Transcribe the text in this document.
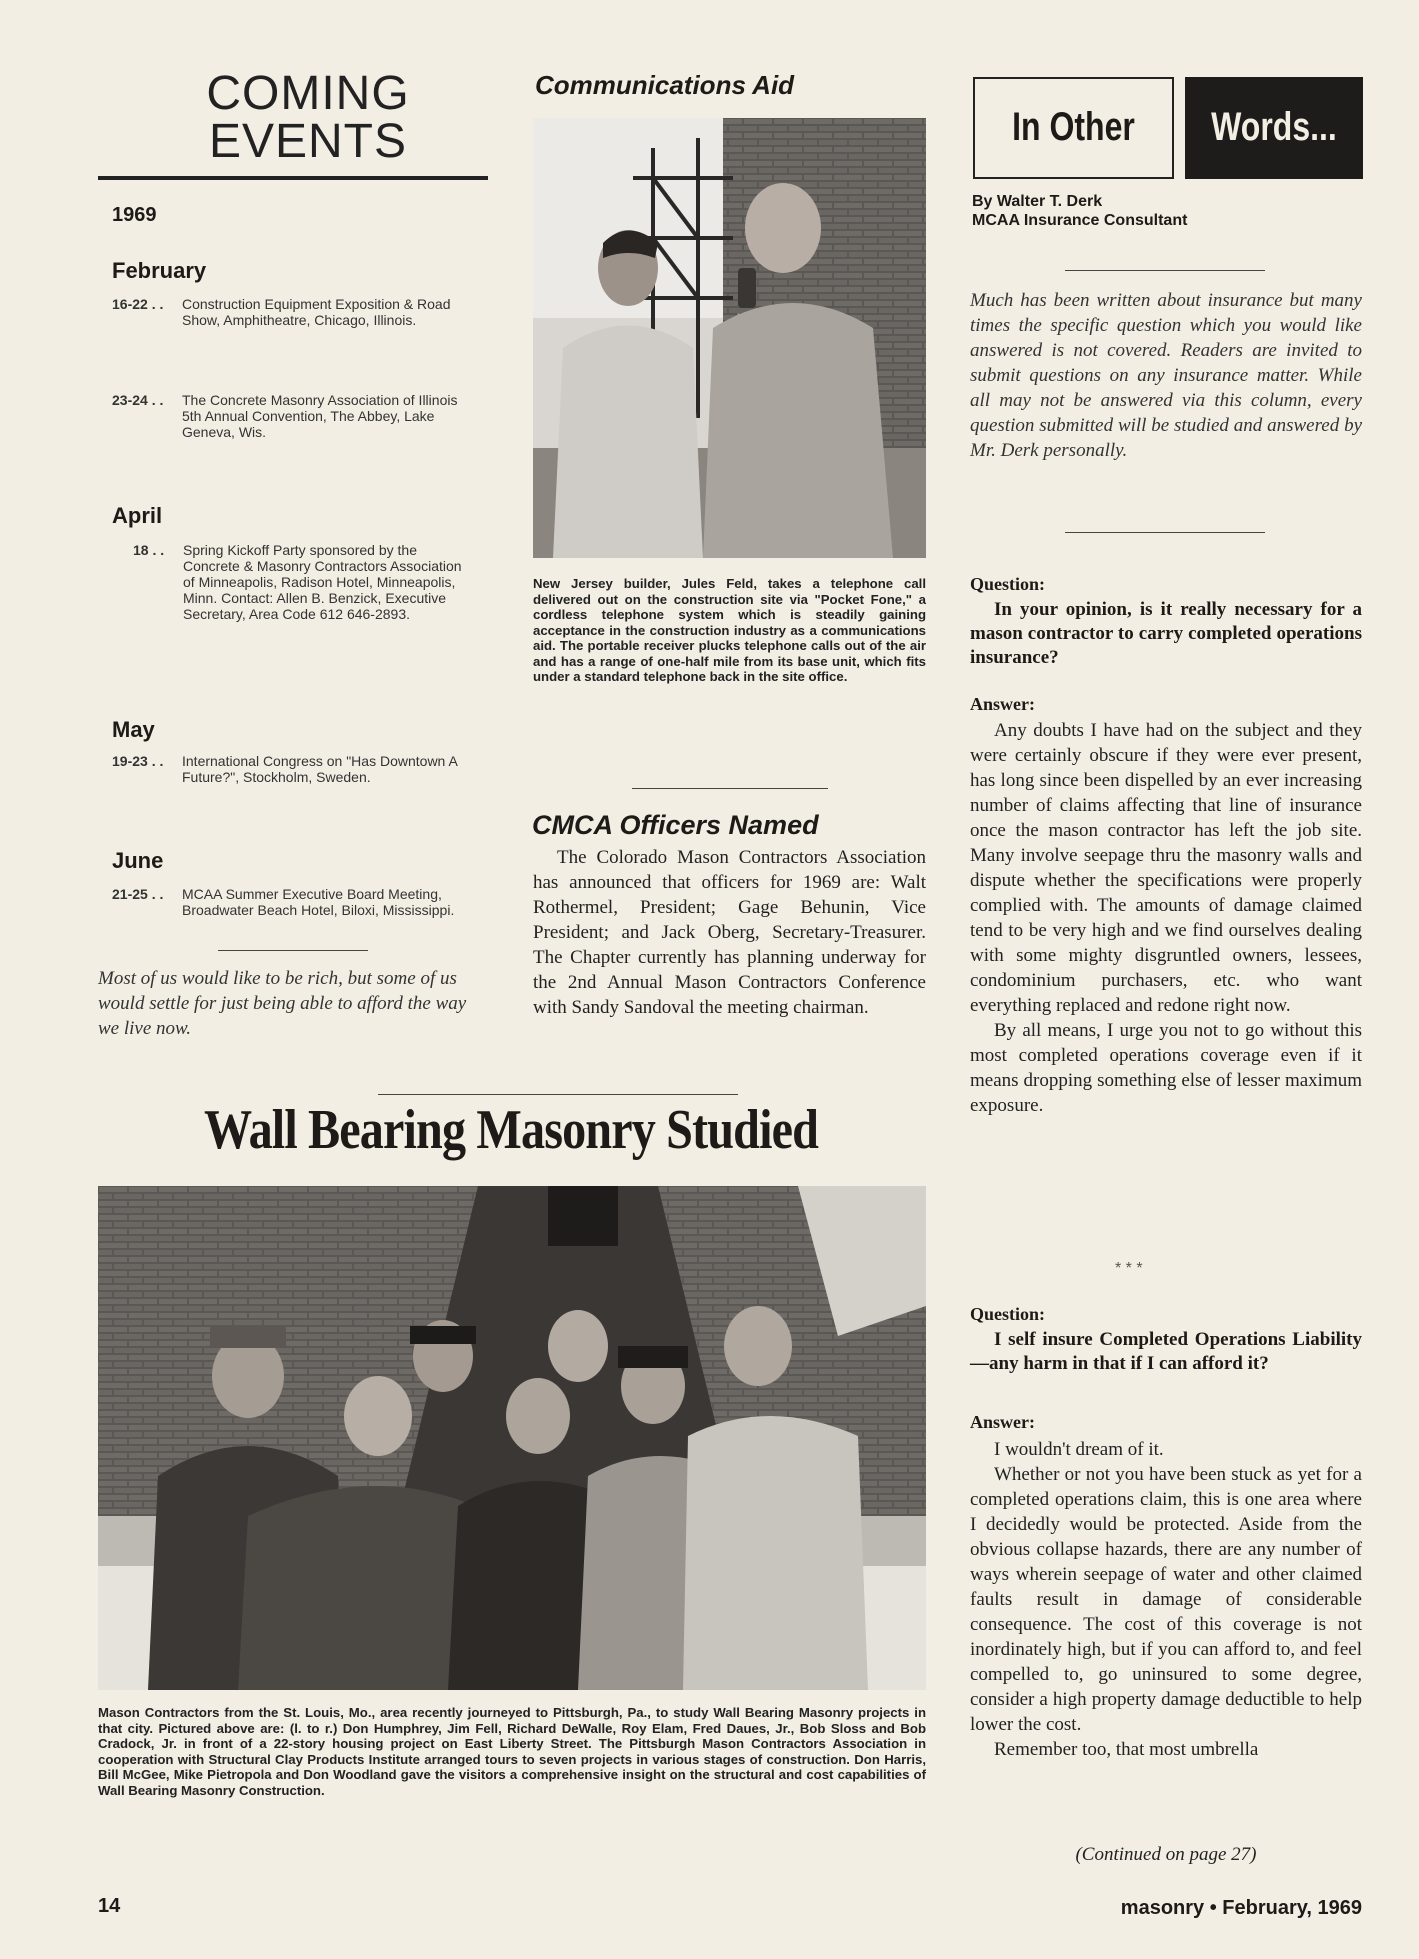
COMING
EVENTS
1969
February
16-22 . .	Construction Equipment Exposition & Road Show, Amphitheatre, Chicago, Illinois.
23-24 . .	The Concrete Masonry Association of Illinois 5th Annual Convention, The Abbey, Lake Geneva, Wis.
April
18 . .	Spring Kickoff Party sponsored by the Concrete & Masonry Contractors Association of Minneapolis, Radison Hotel, Minneapolis, Minn. Contact: Allen B. Benzick, Executive Secretary, Area Code 612 646-2893.
May
19-23 . .	International Congress on "Has Downtown A Future?", Stockholm, Sweden.
June
21-25 . .	MCAA Summer Executive Board Meeting, Broadwater Beach Hotel, Biloxi, Mississippi.
Most of us would like to be rich, but some of us would settle for just being able to afford the way we live now.
Communications Aid
New Jersey builder, Jules Feld, takes a telephone call delivered out on the construction site via "Pocket Fone," a cordless telephone system which is steadily gaining acceptance in the construction industry as a communications aid. The portable receiver plucks telephone calls out of the air and has a range of one-half mile from its base unit, which fits under a standard telephone back in the site office.
CMCA Officers Named

The Colorado Mason Contractors Association has announced that officers for 1969 are: Walt Rothermel, President; Gage Behunin, Vice President; and Jack Oberg, Secretary-Treasurer. The Chapter currently has planning underway for the 2nd Annual Mason Contractors Conference with Sandy Sandoval the meeting chairman.

Wall Bearing Masonry Studied
Mason Contractors from the St. Louis, Mo., area recently journeyed to Pittsburgh, Pa., to study Wall Bearing Masonry projects in that city. Pictured above are: (l. to r.) Don Humphrey, Jim Fell, Richard DeWalle, Roy Elam, Fred Daues, Jr., Bob Sloss and Bob Cradock, Jr. in front of a 22-story housing project on East Liberty Street. The Pittsburgh Mason Contractors Association in cooperation with Structural Clay Products Institute arranged tours to seven projects in various stages of construction. Don Harris, Bill McGee, Mike Pietropola and Don Woodland gave the visitors a comprehensive insight on the structural and cost capabilities of Wall Bearing Masonry Construction.
In Other	Words...
By Walter T. Derk
MCAA Insurance Consultant
Much has been written about insurance but many times the specific question which you would like answered is not covered. Readers are invited to submit questions on any insurance matter. While all may not be answered via this column, every question submitted will be studied and answered by Mr. Derk personally.
Question:
In your opinion, is it really necessary for a mason contractor to carry completed operations insurance?
Answer:

Any doubts I have had on the subject and they were certainly obscure if they were ever present, has long since been dispelled by an ever increasing number of claims affecting that line of insurance once the mason contractor has left the job site. Many involve seepage thru the masonry walls and dispute whether the specifications were properly complied with. The amounts of damage claimed tend to be very high and we find ourselves dealing with some mighty disgruntled owners, lessees, condominium purchasers, etc. who want everything replaced and redone right now.

By all means, I urge you not to go without this most completed operations coverage even if it means dropping something else of lesser maximum exposure.

* * *
Question:
I self insure Completed Operations Liability—any harm in that if I can afford it?
Answer:

I wouldn't dream of it.

Whether or not you have been stuck as yet for a completed operations claim, this is one area where I decidedly would be protected. Aside from the obvious collapse hazards, there are any number of ways wherein seepage of water and other claimed faults result in damage of considerable consequence. The cost of this coverage is not inordinately high, but if you can afford to, and feel compelled to, go uninsured to some degree, consider a high property damage deductible to help lower the cost.

Remember too, that most umbrella

(Continued on page 27)
14	masonry • February, 1969
